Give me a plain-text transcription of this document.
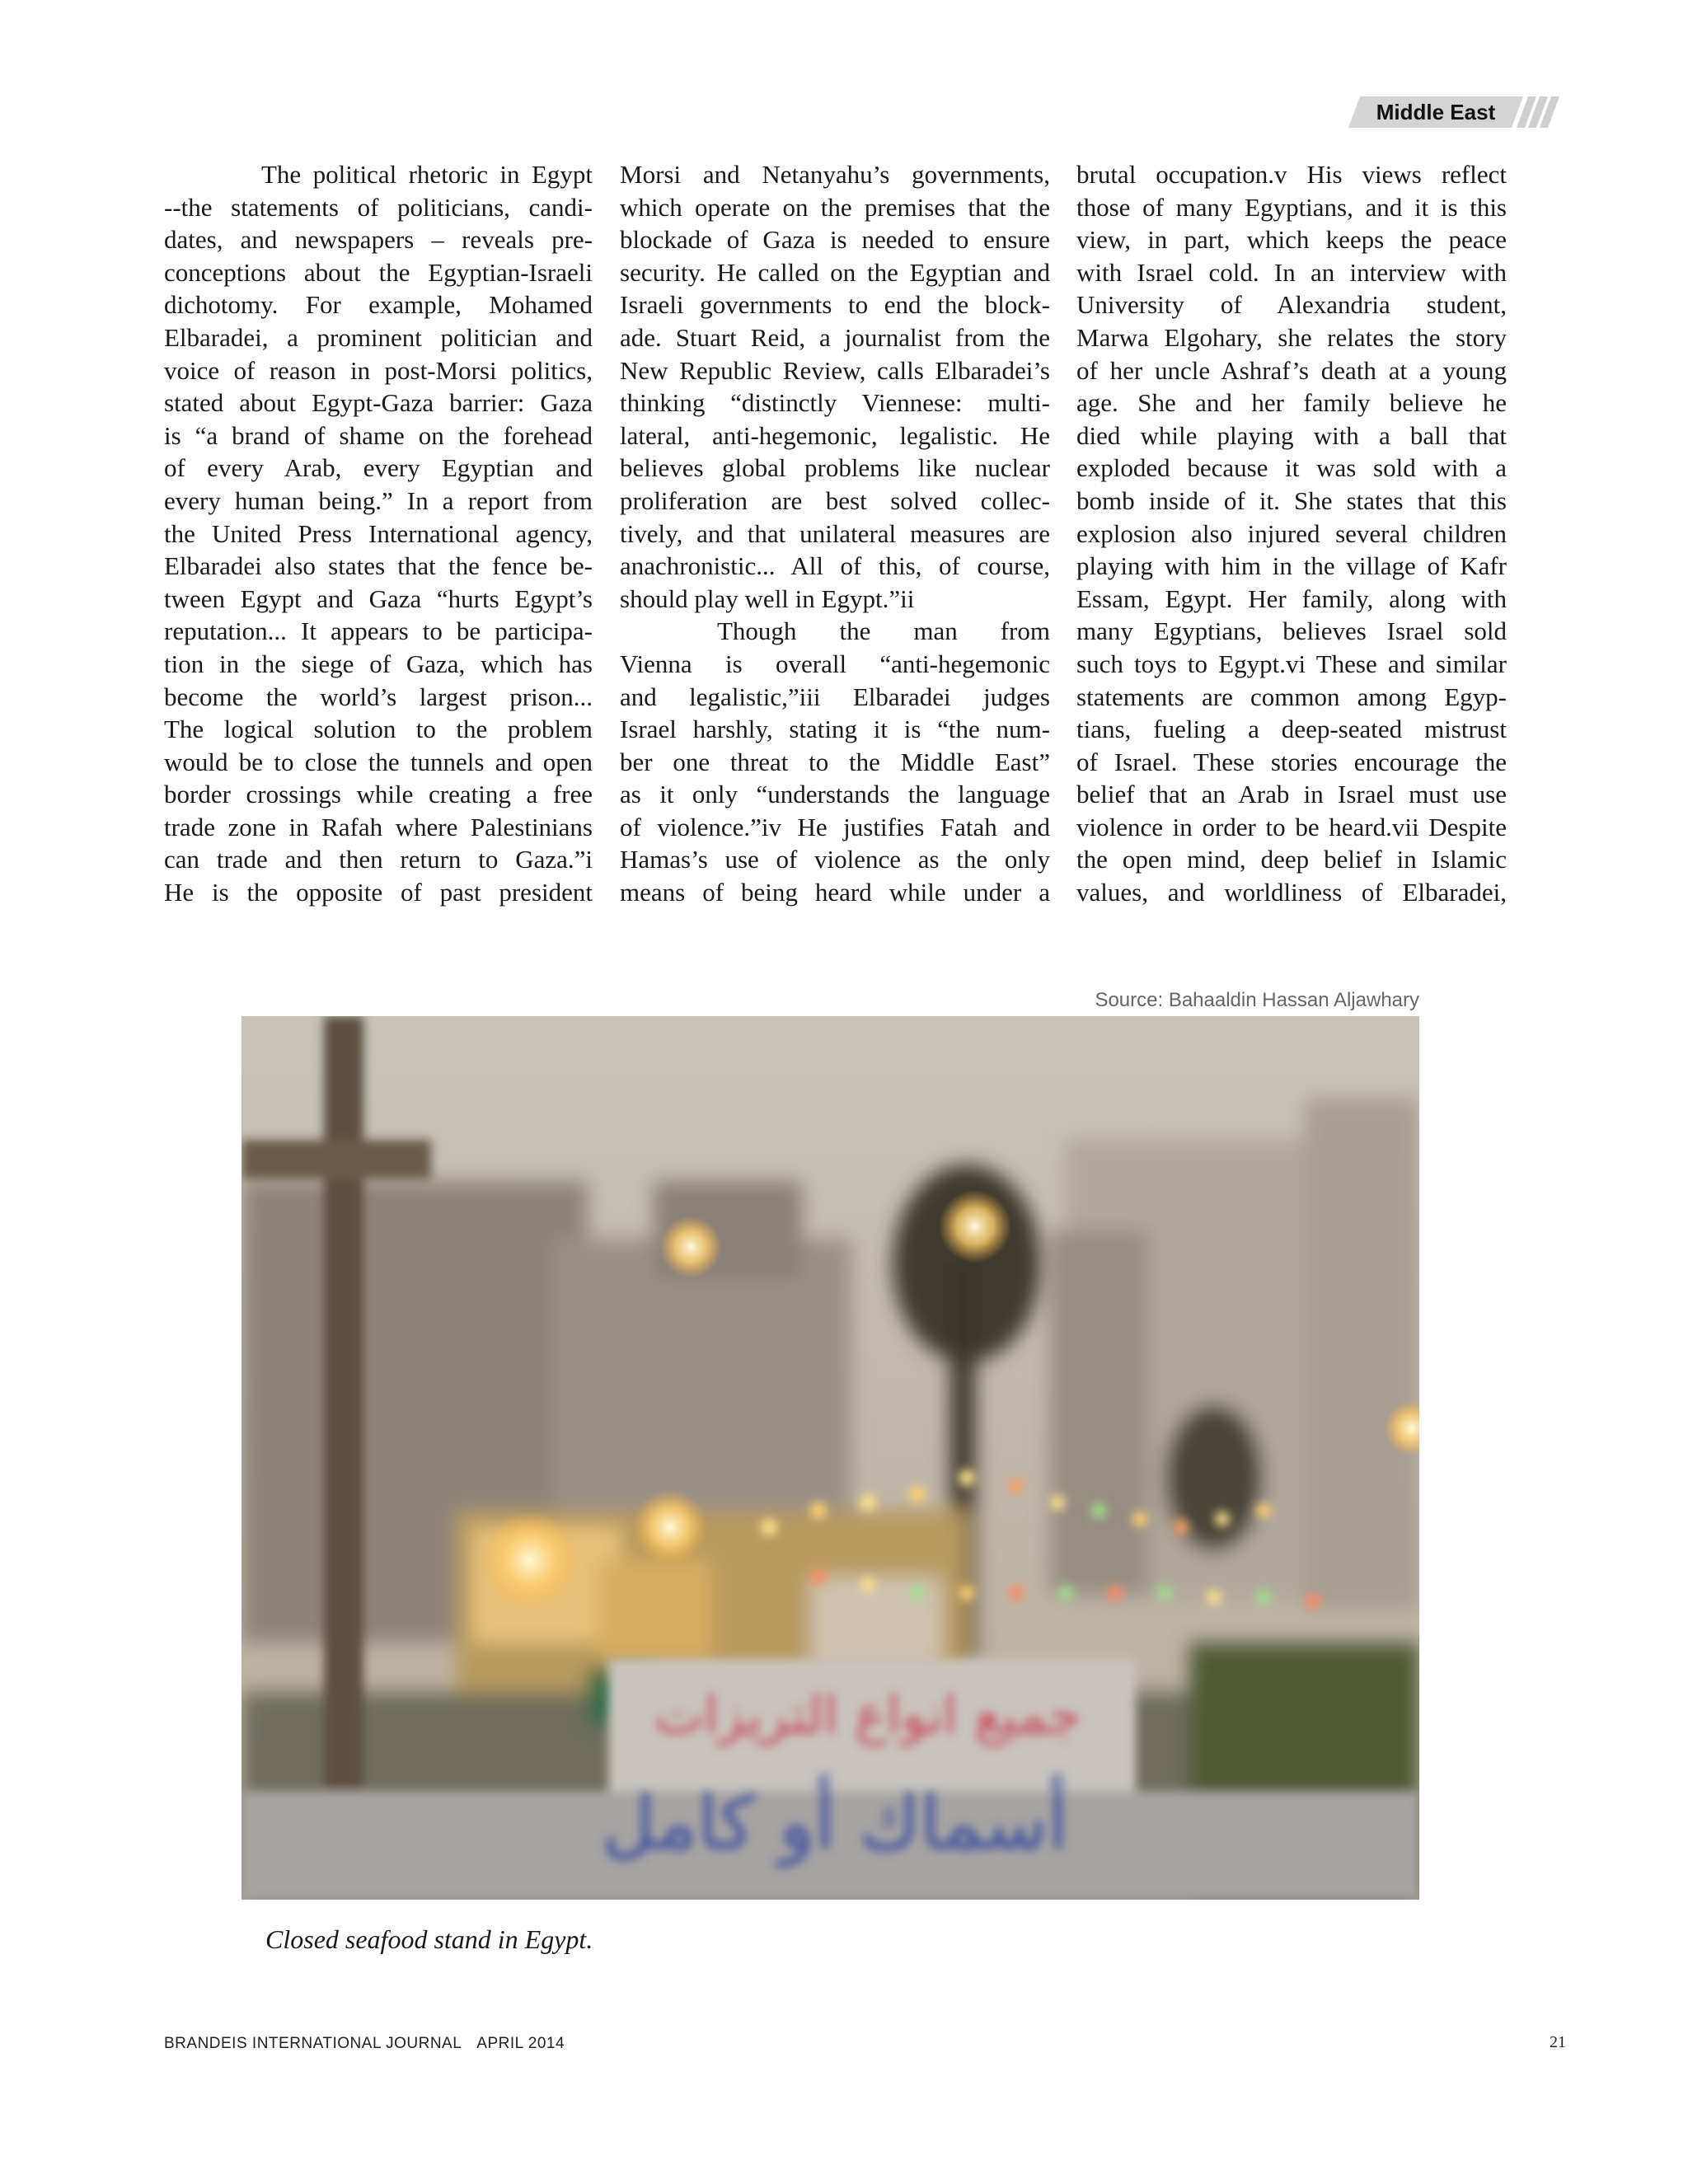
Middle East
The political rhetoric in Egypt
--the statements of politicians, candi-
dates, and newspapers – reveals pre-
conceptions about the Egyptian-Israeli
dichotomy. For example, Mohamed
Elbaradei, a prominent politician and
voice of reason in post-Morsi politics,
stated about Egypt-Gaza barrier: Gaza
is “a brand of shame on the forehead
of every Arab, every Egyptian and
every human being.” In a report from
the United Press International agency,
Elbaradei also states that the fence be-
tween Egypt and Gaza “hurts Egypt’s
reputation... It appears to be participa-
tion in the siege of Gaza, which has
become the world’s largest prison...
The logical solution to the problem
would be to close the tunnels and open
border crossings while creating a free
trade zone in Rafah where Palestinians
can trade and then return to Gaza.”i
He is the opposite of past president
Morsi and Netanyahu’s governments,
which operate on the premises that the
blockade of Gaza is needed to ensure
security. He called on the Egyptian and
Israeli governments to end the block-
ade. Stuart Reid, a journalist from the
New Republic Review, calls Elbaradei’s
thinking “distinctly Viennese: multi-
lateral, anti-hegemonic, legalistic. He
believes global problems like nuclear
proliferation are best solved collec-
tively, and that unilateral measures are
anachronistic... All of this, of course,
should play well in Egypt.”ii
Though the man from
Vienna is overall “anti-hegemonic
and legalistic,”iii Elbaradei judges
Israel harshly, stating it is “the num-
ber one threat to the Middle East”
as it only “understands the language
of violence.”iv He justifies Fatah and
Hamas’s use of violence as the only
means of being heard while under a
brutal occupation.v His views reflect
those of many Egyptians, and it is this
view, in part, which keeps the peace
with Israel cold. In an interview with
University of Alexandria student,
Marwa Elgohary, she relates the story
of her uncle Ashraf’s death at a young
age. She and her family believe he
died while playing with a ball that
exploded because it was sold with a
bomb inside of it. She states that this
explosion also injured several children
playing with him in the village of Kafr
Essam, Egypt. Her family, along with
many Egyptians, believes Israel sold
such toys to Egypt.vi These and similar
statements are common among Egyp-
tians, fueling a deep-seated mistrust
of Israel. These stories encourage the
belief that an Arab in Israel must use
violence in order to be heard.vii Despite
the open mind, deep belief in Islamic
values, and worldliness of Elbaradei,
Source: Bahaaldin Hassan Aljawhary
جميع انواع التريزات
أسماك أو كامل
Closed seafood stand in Egypt.
BRANDEIS INTERNATIONAL JOURNAL APRIL 2014	21
